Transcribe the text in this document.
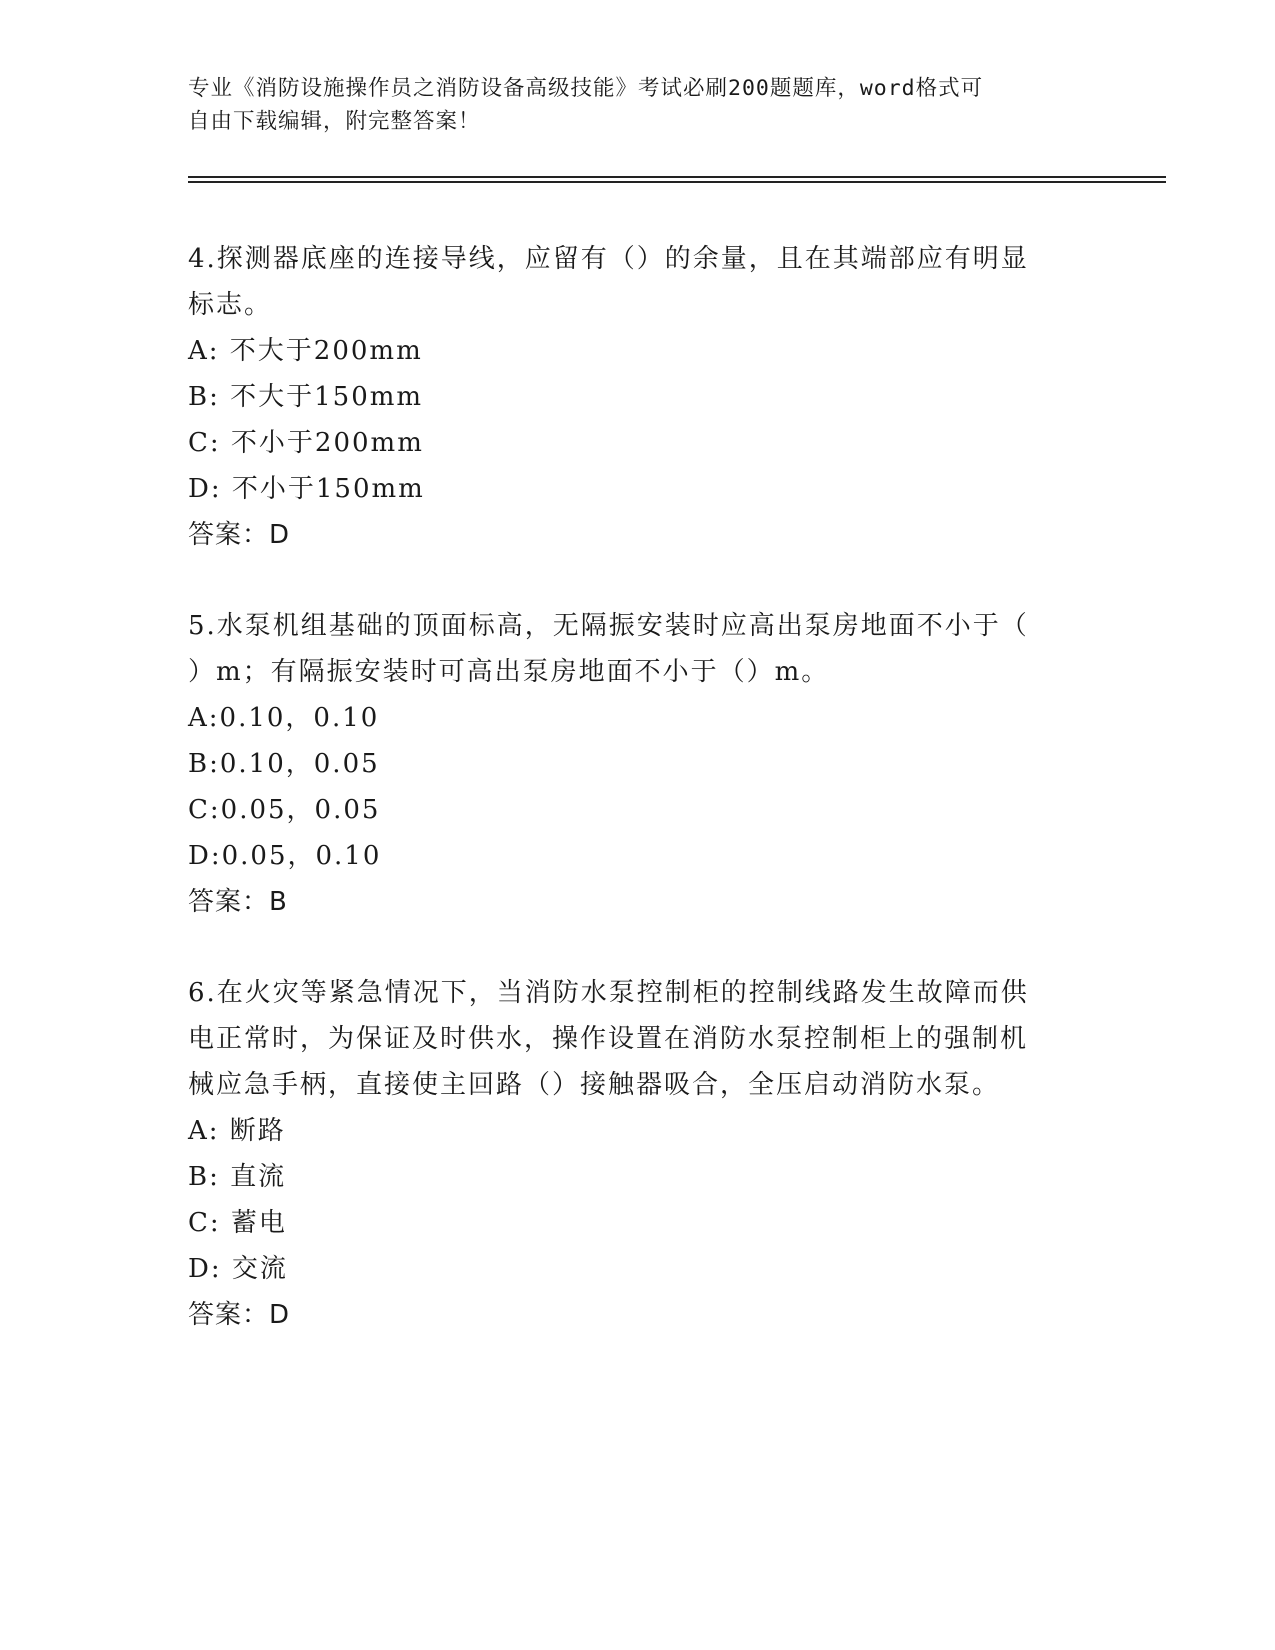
专业《消防设施操作员之消防设备高级技能》考试必刷200题题库，word格式可
自由下载编辑，附完整答案！
4.探测器底座的连接导线，应留有（）的余量，且在其端部应有明显
标志。
A: 不大于200mm
B: 不大于150mm
C: 不小于200mm
D: 不小于150mm
答案：D
5.水泵机组基础的顶面标高，无隔振安装时应高出泵房地面不小于（
）m；有隔振安装时可高出泵房地面不小于（）m。
A:0.10，0.10
B:0.10，0.05
C:0.05，0.05
D:0.05，0.10
答案：B
6.在火灾等紧急情况下，当消防水泵控制柜的控制线路发生故障而供
电正常时，为保证及时供水，操作设置在消防水泵控制柜上的强制机
械应急手柄，直接使主回路（）接触器吸合，全压启动消防水泵。
A: 断路
B: 直流
C: 蓄电
D: 交流
答案：D
